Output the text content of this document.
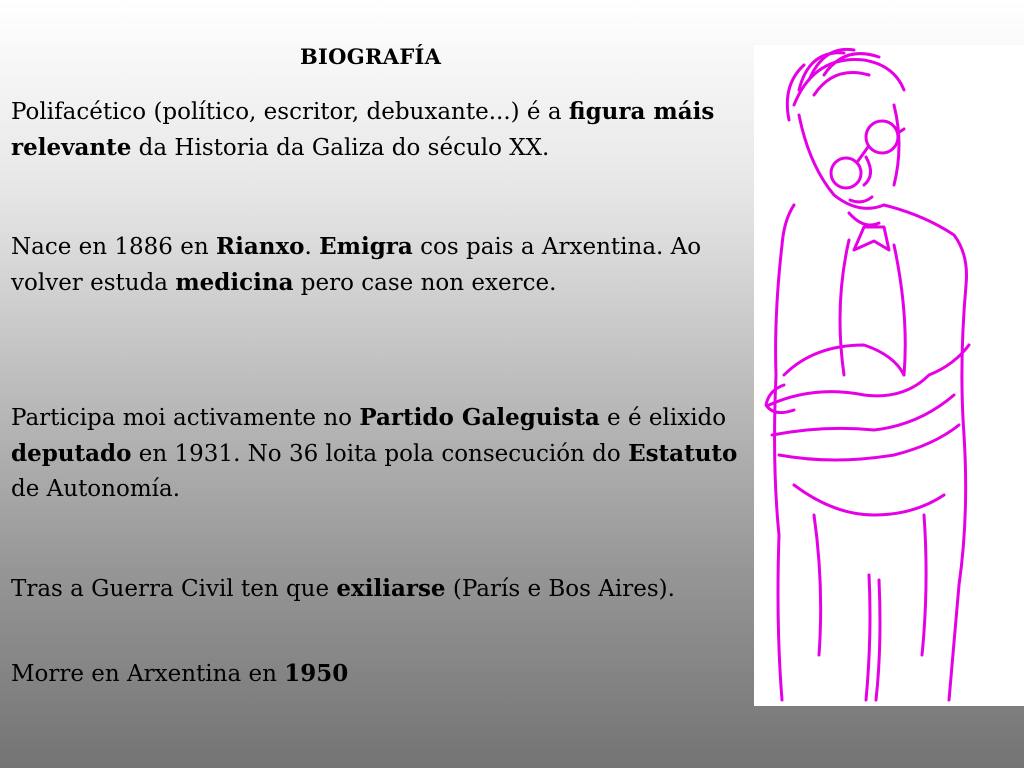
BIOGRAFÍA

Polifacético (político, escritor, debuxante...) é a figura máis relevante da Historia da Galiza do século XX.

Nace en 1886 en Rianxo. Emigra cos pais a Arxentina. Ao volver estuda medicina pero case non exerce.

Participa moi activamente no Partido Galeguista e é elixido deputado en 1931. No 36 loita pola consecución do Estatuto de Autonomía.

Tras a Guerra Civil ten que exiliarse (París e Bos Aires).

Morre en Arxentina en 1950
